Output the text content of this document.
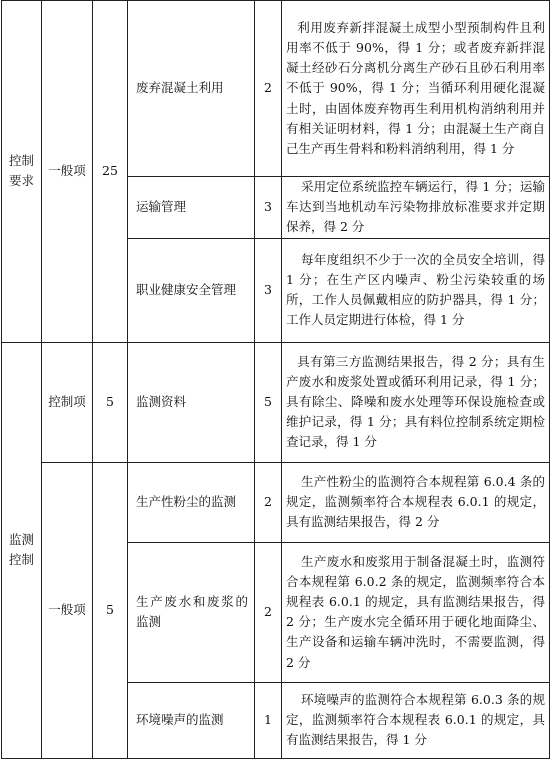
控制要求	一般项	25	废弃混凝土利用	2	利用废弃新拌混凝土成型小型预制构件且利用率不低于 90%，得 1 分；或者废弃新拌混凝土经砂石分离机分离生产砂石且砂石利用率不低于 90%，得 1 分；当循环利用硬化混凝土时，由固体废弃物再生利用机构消纳利用并有相关证明材料，得 1 分；由混凝土生产商自己生产再生骨料和粉料消纳利用，得 1 分
			运输管理	3	采用定位系统监控车辆运行，得 1 分；运输车达到当地机动车污染物排放标准要求并定期保养，得 2 分
			职业健康安全管理	3	每年度组织不少于一次的全员安全培训，得 1 分；在生产区内噪声、粉尘污染较重的场所，工作人员佩戴相应的防护器具，得 1 分；工作人员定期进行体检，得 1 分
监测控制	控制项	5	监测资料	5	具有第三方监测结果报告，得 2 分；具有生产废水和废浆处置或循环利用记录，得 1 分；具有除尘、降噪和废水处理等环保设施检查或维护记录，得 1 分；具有料位控制系统定期检查记录，得 1 分
	一般项	5	生产性粉尘的监测	2	生产性粉尘的监测符合本规程第 6.0.4 条的规定，监测频率符合本规程表 6.0.1 的规定，具有监测结果报告，得 2 分
			生产废水和废浆的监测	2	生产废水和废浆用于制备混凝土时，监测符合本规程第 6.0.2 条的规定，监测频率符合本规程表 6.0.1 的规定，具有监测结果报告，得 2 分；生产废水完全循环用于硬化地面降尘、生产设备和运输车辆冲洗时，不需要监测，得 2 分
			环境噪声的监测	1	环境噪声的监测符合本规程第 6.0.3 条的规定，监测频率符合本规程表 6.0.1 的规定，具有监测结果报告，得 1 分
